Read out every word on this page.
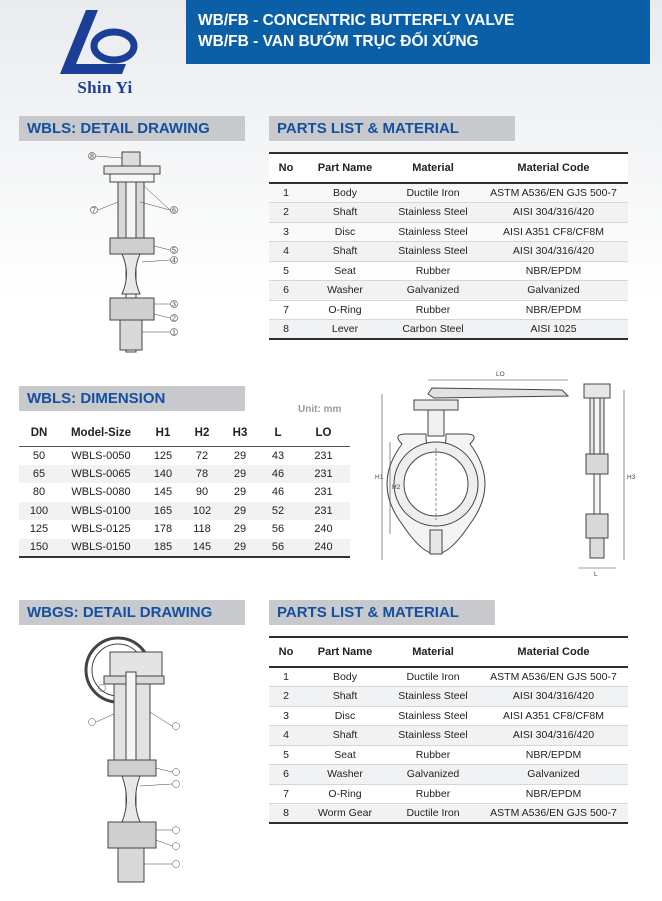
Shin Yi
WB/FB - CONCENTRIC BUTTERFLY VALVE
WB/FB - VAN BƯỚM TRỤC ĐỐI XỨNG
WBLS: DETAIL DRAWING	PARTS LIST & MATERIAL
WBLS: DIMENSION
WBGS: DETAIL DRAWING	PARTS LIST & MATERIAL
8
7	6
5
4
3
2
1
No	Part Name	Material	Material Code
1	Body	Ductile Iron	ASTM A536/EN GJS 500-7
2	Shaft	Stainless Steel	AISI 304/316/420
3	Disc	Stainless Steel	AISI A351 CF8/CF8M
4	Shaft	Stainless Steel	AISI 304/316/420
5	Seat	Rubber	NBR/EPDM
6	Washer	Galvanized	Galvanized
7	O-Ring	Rubber	NBR/EPDM
8	Lever	Carbon Steel	AISI 1025
Unit: mm
DN	Model-Size	H1	H2	H3	L	LO
50	WBLS-0050	125	72	29	43	231
65	WBLS-0065	140	78	29	46	231
80	WBLS-0080	145	90	29	46	231
100	WBLS-0100	165	102	29	52	231
125	WBLS-0125	178	118	29	56	240
150	WBLS-0150	185	145	29	56	240
LO
L
H1
H2
H3
No	Part Name	Material	Material Code
1	Body	Ductile Iron	ASTM A536/EN GJS 500-7
2	Shaft	Stainless Steel	AISI 304/316/420
3	Disc	Stainless Steel	AISI A351 CF8/CF8M
4	Shaft	Stainless Steel	AISI 304/316/420
5	Seat	Rubber	NBR/EPDM
6	Washer	Galvanized	Galvanized
7	O-Ring	Rubber	NBR/EPDM
8	Worm Gear	Ductile Iron	ASTM A536/EN GJS 500-7
